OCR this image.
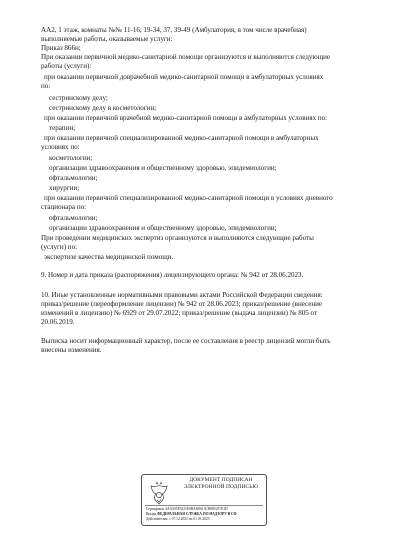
АА2, 1 этаж, комнаты №№ 11-16, 19-34, 37, 39-49 (Амбулатория, в том числе врачебная)
выполняемые работы, оказываемые услуги:
Приказ 866н;
При оказании первичной медико-санитарной помощи организуются и выполняются следующие
работы (услуги):
при оказании первичной доврачебной медико-санитарной помощи в амбулаторных условиях
по:
сестринскому делу;
сестринскому делу в косметологии;
при оказании первичной врачебной медико-санитарной помощи в амбулаторных условиях по:
терапии;
при оказании первичной специализированной медико-санитарной помощи в амбулаторных
условиях по:
косметологии;
организации здравоохранения и общественному здоровью, эпидемиологии;
офтальмологии;
хирургии;
при оказании первичной специализированной медико-санитарной помощи в условиях дневного
стационара по:
офтальмологии;
организации здравоохранения и общественному здоровью, эпидемиологии;
При проведении медицинских экспертиз организуются и выполняются следующие работы
(услуги) по:
экспертизе качества медицинской помощи.
9. Номер и дата приказа (распоряжения) лицензирующего органа: № 942 от 28.06.2023.
10. Иные установленные нормативными правовыми актами Российской Федерации сведения:
приказ/решение (переоформление лицензии) № 942 от 28.06.2023; приказ/решение (внесение
изменений в лицензию) № 6929 от 29.07.2022; приказ/решение (выдача лицензии) № 805 от
20.06.2019.
Выписка носит информационный характер, после ее составления в реестр лицензий могли быть
внесены изменения.
ДОКУМЕНТ ПОДПИСАН
ЭЛЕКТРОННОЙ ПОДПИСЬЮ
Сертификат 4AA305F3521E0BAD0613CB885257E1D
Выдан ФЕДЕРАЛЬНАЯ СЛУЖБА ПО НАДЗОРУ В СФ
Действителен: с 07.12.2023 по 01.03.2025
